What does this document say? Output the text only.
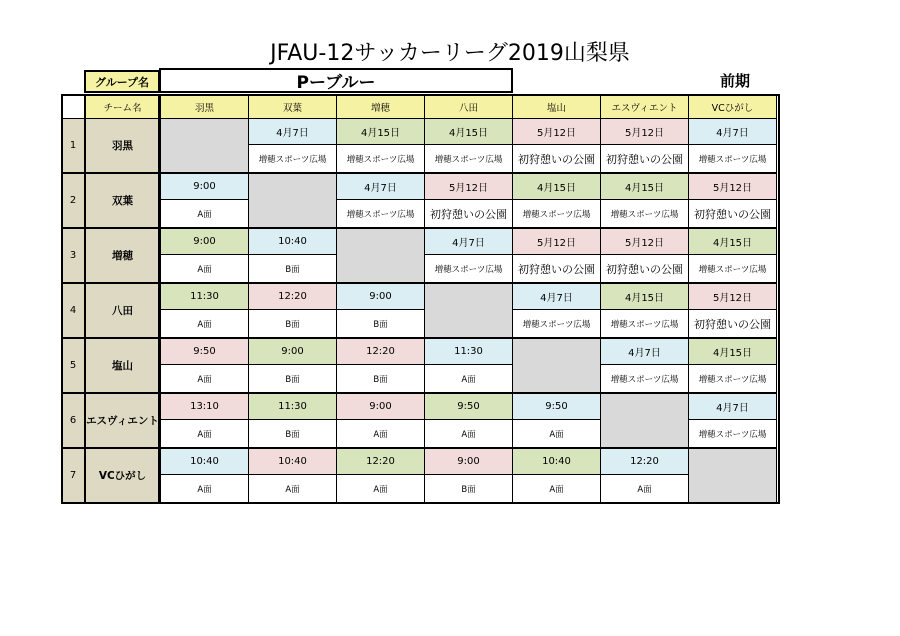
JFAU-12サッカーリーグ2019山梨県
グループ名	Pーブルー	前期
	チーム名	羽黒	双葉	増穂	八田	塩山	エスヴィエント	VCひがし
1	羽黒		4月7日	4月15日	4月15日	5月12日	5月12日	4月7日
			増穂スポーツ広場	増穂スポーツ広場	増穂スポーツ広場	初狩憩いの公園	初狩憩いの公園	増穂スポーツ広場
2	双葉	9:00		4月7日	5月12日	4月15日	4月15日	5月12日
		A面		増穂スポーツ広場	初狩憩いの公園	増穂スポーツ広場	増穂スポーツ広場	初狩憩いの公園
3	増穂	9:00	10:40		4月7日	5月12日	5月12日	4月15日
		A面	B面		増穂スポーツ広場	初狩憩いの公園	初狩憩いの公園	増穂スポーツ広場
4	八田	11:30	12:20	9:00		4月7日	4月15日	5月12日
		A面	B面	B面		増穂スポーツ広場	増穂スポーツ広場	初狩憩いの公園
5	塩山	9:50	9:00	12:20	11:30		4月7日	4月15日
		A面	B面	B面	A面		増穂スポーツ広場	増穂スポーツ広場
6	エスヴィエント	13:10	11:30	9:00	9:50	9:50		4月7日
		A面	B面	A面	A面	A面		増穂スポーツ広場
7	VCひがし	10:40	10:40	12:20	9:00	10:40	12:20	
		A面	A面	A面	B面	A面	A面	
